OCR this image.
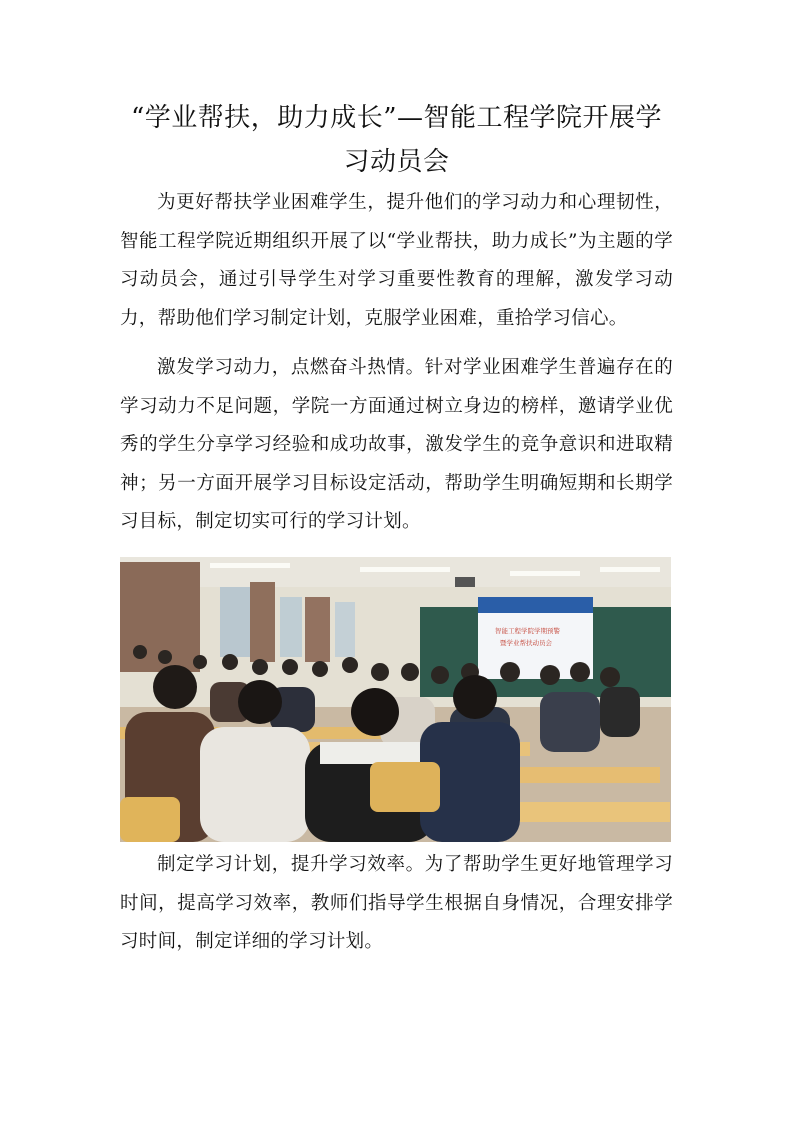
“学业帮扶，助力成长”—智能工程学院开展学习动员会

为更好帮扶学业困难学生，提升他们的学习动力和心理韧性，智能工程学院近期组织开展了以“学业帮扶，助力成长”为主题的学习动员会，通过引导学生对学习重要性教育的理解，激发学习动力，帮助他们学习制定计划，克服学业困难，重拾学习信心。

激发学习动力，点燃奋斗热情。针对学业困难学生普遍存在的学习动力不足问题，学院一方面通过树立身边的榜样，邀请学业优秀的学生分享学习经验和成功故事，激发学生的竞争意识和进取精神；另一方面开展学习目标设定活动，帮助学生明确短期和长期学习目标，制定切实可行的学习计划。

智能工程学院学期预警
暨学业帮扶动员会

制定学习计划，提升学习效率。为了帮助学生更好地管理学习时间，提高学习效率，教师们指导学生根据自身情况，合理安排学习时间，制定详细的学习计划。
